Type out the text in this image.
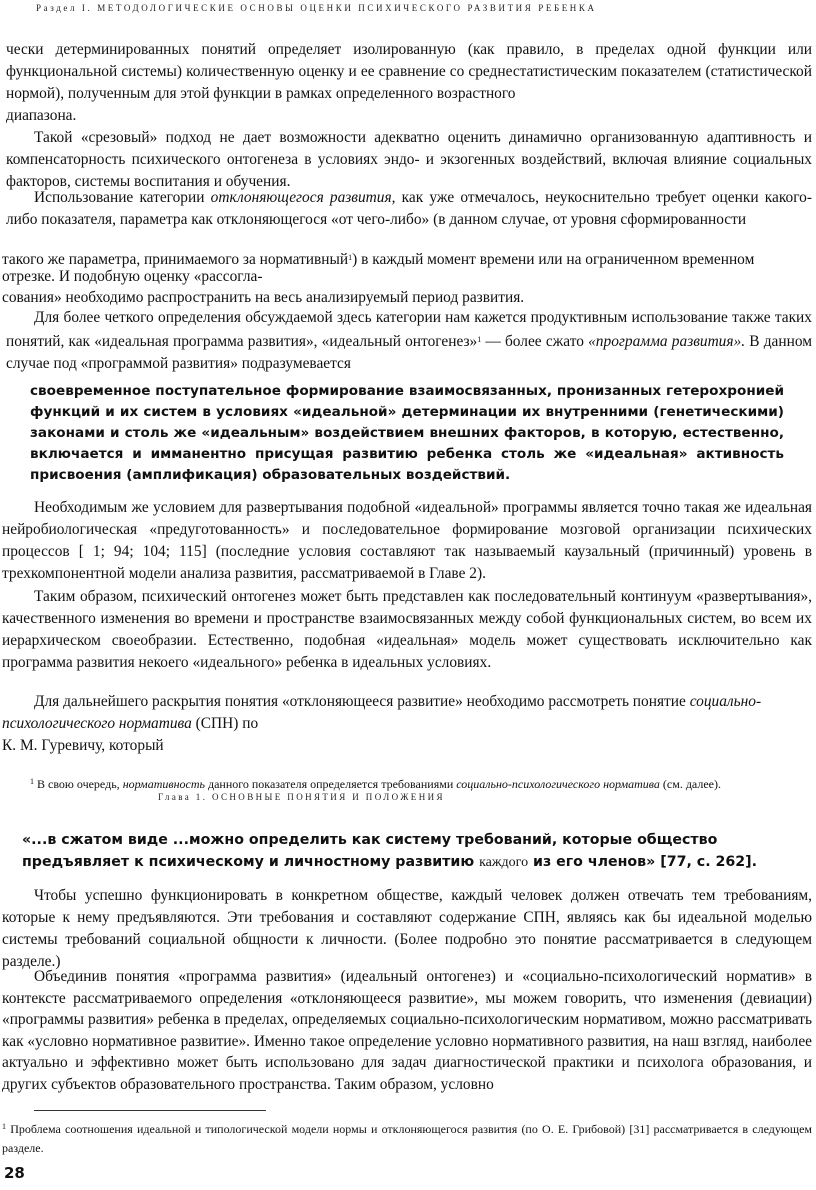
Раздел I. МЕТОДОЛОГИЧЕСКИЕ ОСНОВЫ ОЦЕНКИ ПСИХИЧЕСКОГО РАЗВИТИЯ РЕБЕНКА

чески детерминированных понятий определяет изолированную (как правило, в пределах одной функции или функциональной системы) количественную оценку и ее сравнение со среднестатистическим показателем (статистической нормой), полученным для этой функции в рамках определенного возрастного

диапазона.

Такой «срезовый» подход не дает возможности адекватно оценить динамично организованную адаптивность и компенсаторность психического онтогенеза в условиях эндо- и экзогенных воздействий, включая влияние социальных факторов, системы воспитания и обучения.

Использование категории отклоняющегося развития, как уже отмечалось, неукоснительно требует оценки какого-либо показателя, параметра как отклоняющегося «от чего-либо» (в данном случае, от уровня сформированности

такого же параметра, принимаемого за нормативный$^1$) в каждый момент времени или на ограниченном временном

отрезке. И подобную оценку «рассогла-

сования» необходимо распространить на весь анализируемый период развития.

Для более четкого определения обсуждаемой здесь категории нам кажется продуктивным использование также таких понятий, как «идеальная программа развития», «идеальный онтогенез»$^1$ — более сжато «программа развития». В данном случае под «программой развития» подразумевается

своевременное поступательное формирование взаимосвязанных, пронизанных гетерохронией функций и их систем в условиях «идеальной» детерминации их внутренними (генетическими) законами и столь же «идеальным» воздействием внешних факторов, в которую, естественно, включается и имманентно присущая развитию ребенка столь же «идеальная» активность присвоения (амплификация) образовательных воздействий.

Необходимым же условием для развертывания подобной «идеальной» программы является точно такая же идеальная нейробиологическая «предуготованность» и последовательное формирование мозговой организации психических процессов [ 1; 94; 104; 115] (последние условия составляют так называемый каузальный (причинный) уровень в трехкомпонентной модели анализа развития, рассматриваемой в Главе 2).

Таким образом, психический онтогенез может быть представлен как последовательный континуум «развертывания», качественного изменения во времени и пространстве взаимосвязанных между собой функциональных систем, во всем их иерархическом своеобразии. Естественно, подобная «идеальная» модель может существовать исключительно как программа развития некоего «идеального» ребенка в идеальных условиях.

Для дальнейшего раскрытия понятия «отклоняющееся развитие» необходимо рассмотреть понятие социально-психологического норматива (СПН) по

К. М. Гуревичу, который

$^1$ В свою очередь, нормативность данного показателя определяется требованиями социально-психологического норматива (см. далее).

Глава 1. ОСНОВНЫЕ ПОНЯТИЯ И ПОЛОЖЕНИЯ

«...в сжатом виде ...можно определить как систему требований, которые общество предъявляет к психическому и личностному развитию каждого из его членов» [77, с. 262].

Чтобы успешно функционировать в конкретном обществе, каждый человек должен отвечать тем требованиям, которые к нему предъявляются. Эти требования и составляют содержание СПН, являясь как бы идеальной моделью системы требований социальной общности к личности. (Более подробно это понятие рассматривается в следующем разделе.)

Объединив понятия «программа развития» (идеальный онтогенез) и «социально-психологический норматив» в контексте рассматриваемого определения «отклоняющееся развитие», мы можем говорить, что изменения (девиации) «программы развития» ребенка в пределах, определяемых социально-психологическим нормативом, можно рассматривать как «условно нормативное развитие». Именно такое определение условно нормативного развития, на наш взгляд, наиболее актуально и эффективно может быть использовано для задач диагностической практики и психолога образования, и других субъектов образовательного пространства. Таким образом, условно

$^1$ Проблема соотношения идеальной и типологической модели нормы и отклоняющегося развития (по О. Е. Грибовой) [31] рассматривается в следующем разделе.

28
